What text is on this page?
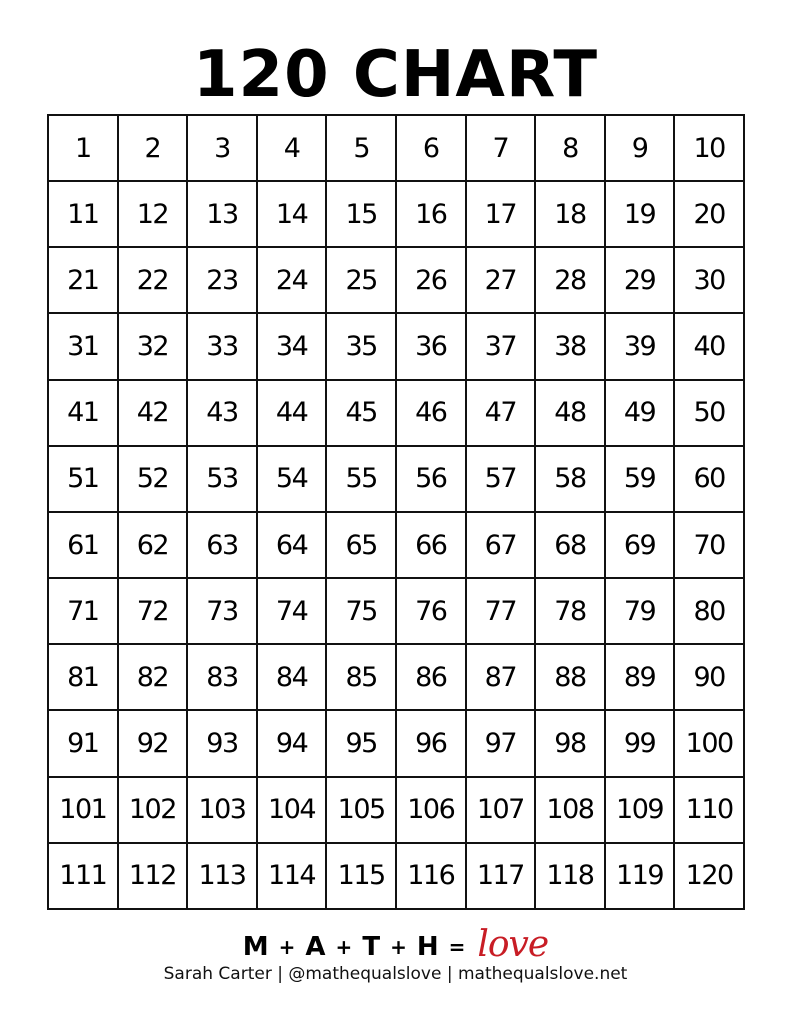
120 CHART
1	2	3	4	5	6	7	8	9	10
11	12	13	14	15	16	17	18	19	20
21	22	23	24	25	26	27	28	29	30
31	32	33	34	35	36	37	38	39	40
41	42	43	44	45	46	47	48	49	50
51	52	53	54	55	56	57	58	59	60
61	62	63	64	65	66	67	68	69	70
71	72	73	74	75	76	77	78	79	80
81	82	83	84	85	86	87	88	89	90
91	92	93	94	95	96	97	98	99	100
101	102	103	104	105	106	107	108	109	110
111	112	113	114	115	116	117	118	119	120
M + A + T + H = love
Sarah Carter | @mathequalslove | mathequalslove.net
